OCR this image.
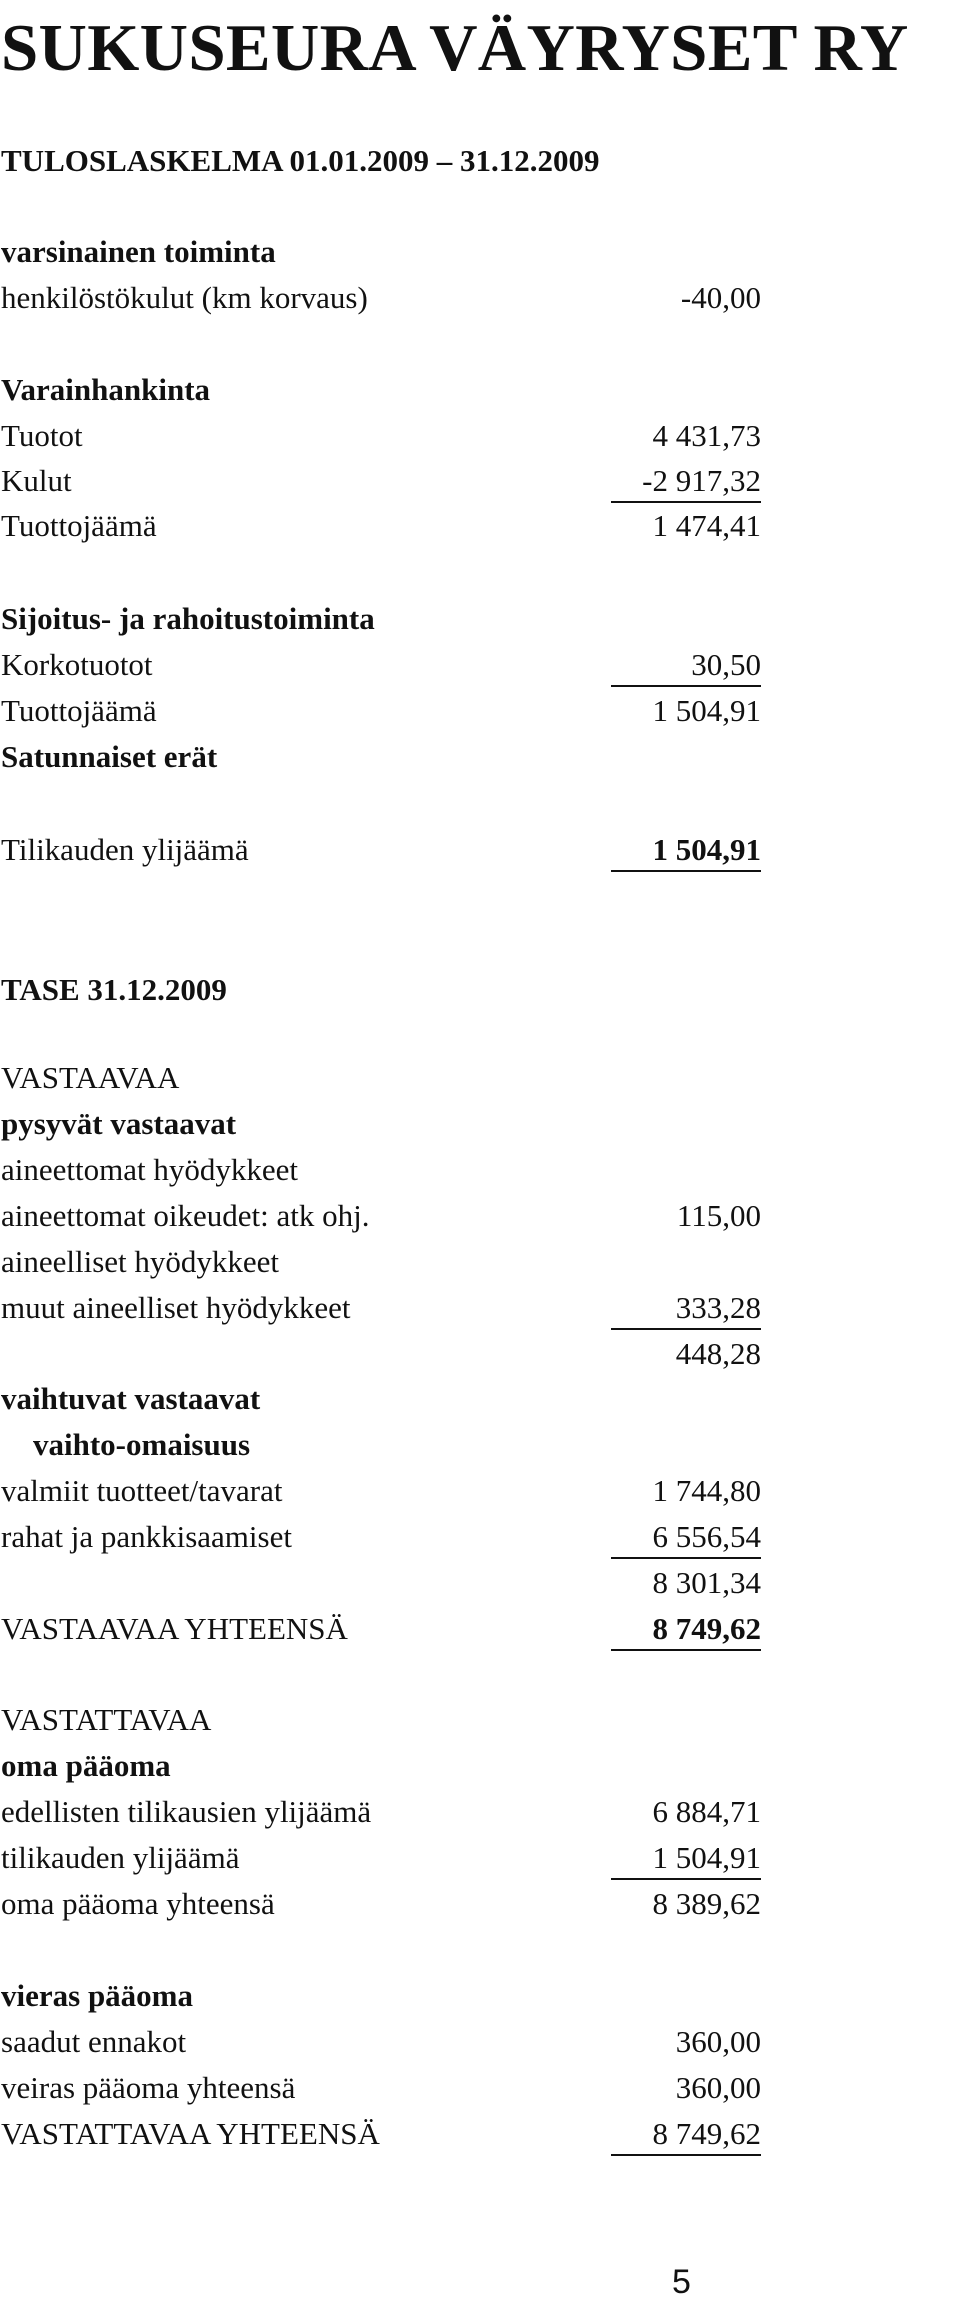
SUKUSEURA VÄYRYSET RY
TULOSLASKELMA 01.01.2009 – 31.12.2009
varsinainen toiminta
henkilöstökulut (km korvaus)	-40,00
Varainhankinta
Tuotot	4 431,73
Kulut	-2 917,32
Tuottojäämä	1 474,41
Sijoitus- ja rahoitustoiminta
Korkotuotot	30,50
Tuottojäämä	1 504,91
Satunnaiset erät
Tilikauden ylijäämä	1 504,91
TASE 31.12.2009
VASTAAVAA
pysyvät vastaavat
aineettomat hyödykkeet
aineettomat oikeudet: atk ohj.	115,00
aineelliset hyödykkeet
muut aineelliset hyödykkeet	333,28
448,28
vaihtuvat vastaavat
vaihto-omaisuus
valmiit tuotteet/tavarat	1 744,80
rahat ja pankkisaamiset	6 556,54
8 301,34
VASTAAVAA YHTEENSÄ	8 749,62
VASTATTAVAA
oma pääoma
edellisten tilikausien ylijäämä	6 884,71
tilikauden ylijäämä	1 504,91
oma pääoma yhteensä	8 389,62
vieras pääoma
saadut ennakot	360,00
veiras pääoma yhteensä	360,00
VASTATTAVAA YHTEENSÄ	8 749,62
5
